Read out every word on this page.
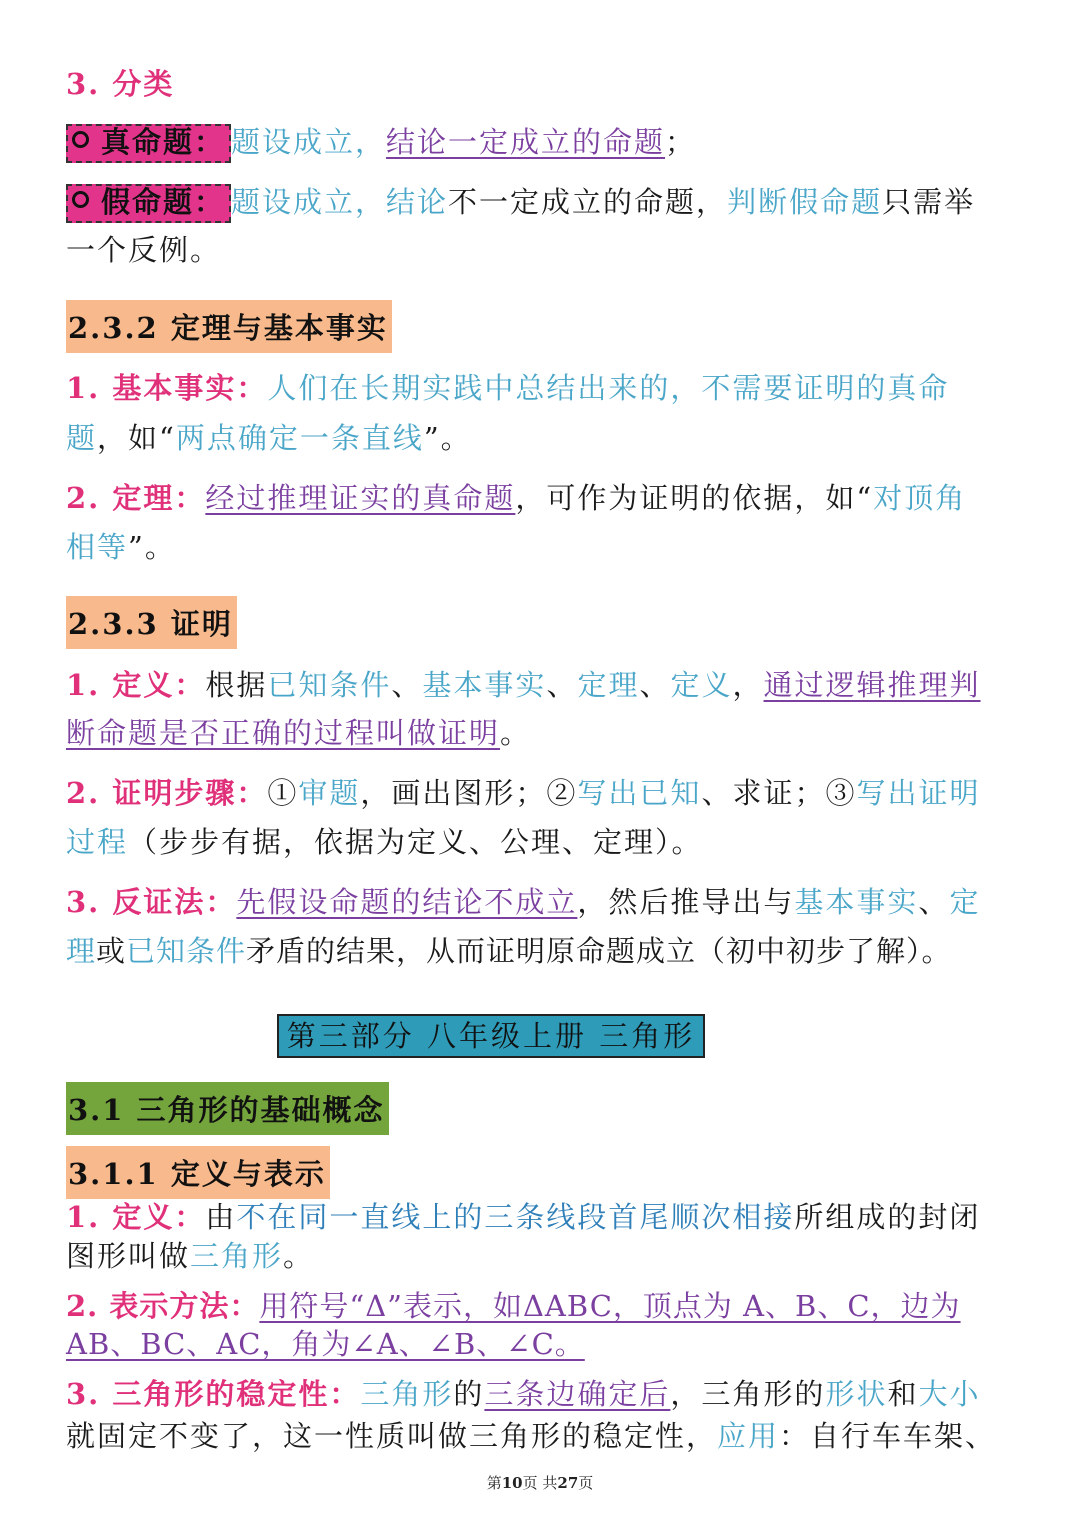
3. 分类
真命题： 题设成立，结论一定成立的命题；
假命题： 题设成立，结论不一定成立的命题，判断假命题只需举
一个反例。
2.3.2 定理与基本事实
1. 基本事实：人们在长期实践中总结出来的，不需要证明的真命
题，如“两点确定一条直线”。
2. 定理：经过推理证实的真命题，可作为证明的依据，如“对顶角
相等”。
2.3.3 证明
1. 定义：根据已知条件、基本事实、定理、定义，通过逻辑推理判
断命题是否正确的过程叫做证明。
2. 证明步骤：①审题，画出图形；②写出已知、求证；③写出证明
过程（步步有据，依据为定义、公理、定理）。
3. 反证法：先假设命题的结论不成立，然后推导出与基本事实、定
理或已知条件矛盾的结果，从而证明原命题成立（初中初步了解）。
第三部分 八年级上册 三角形
3.1 三角形的基础概念
3.1.1 定义与表示
1. 定义：由不在同一直线上的三条线段首尾顺次相接所组成的封闭
图形叫做三角形。
2. 表示方法：用符号“Δ”表示，如ΔABC，顶点为 A、B、C，边为
AB、BC、AC，角为∠A、∠B、∠C。
3. 三角形的稳定性：三角形的三条边确定后，三角形的形状和大小
就固定不变了，这一性质叫做三角形的稳定性，应用：自行车车架、
第10页 共27页
